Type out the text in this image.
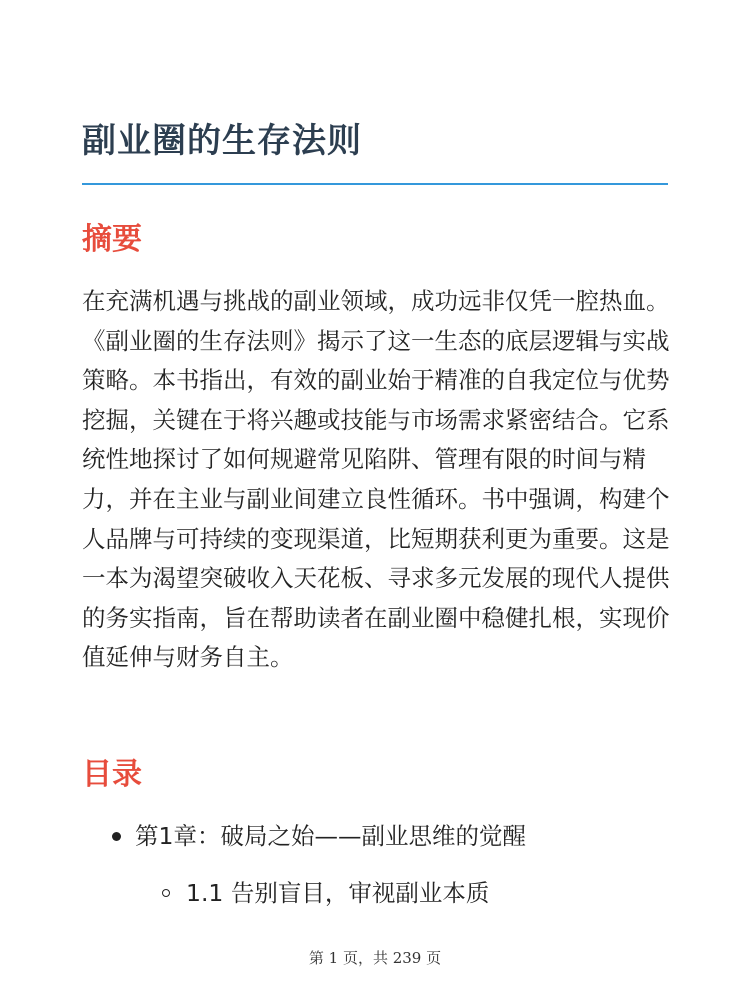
副业圈的生存法则
摘要

在充满机遇与挑战的副业领域，成功远非仅凭一腔热血。《副业圈的生存法则》揭示了这一生态的底层逻辑与实战策略。本书指出，有效的副业始于精准的自我定位与优势挖掘，关键在于将兴趣或技能与市场需求紧密结合。它系统性地探讨了如何规避常见陷阱、管理有限的时间与精力，并在主业与副业间建立良性循环。书中强调，构建个人品牌与可持续的变现渠道，比短期获利更为重要。这是一本为渴望突破收入天花板、寻求多元发展的现代人提供的务实指南，旨在帮助读者在副业圈中稳健扎根，实现价值延伸与财务自主。

目录
第1章：破局之始——副业思维的觉醒
1.1 告别盲目，审视副业本质
第 1 页，共 239 页
